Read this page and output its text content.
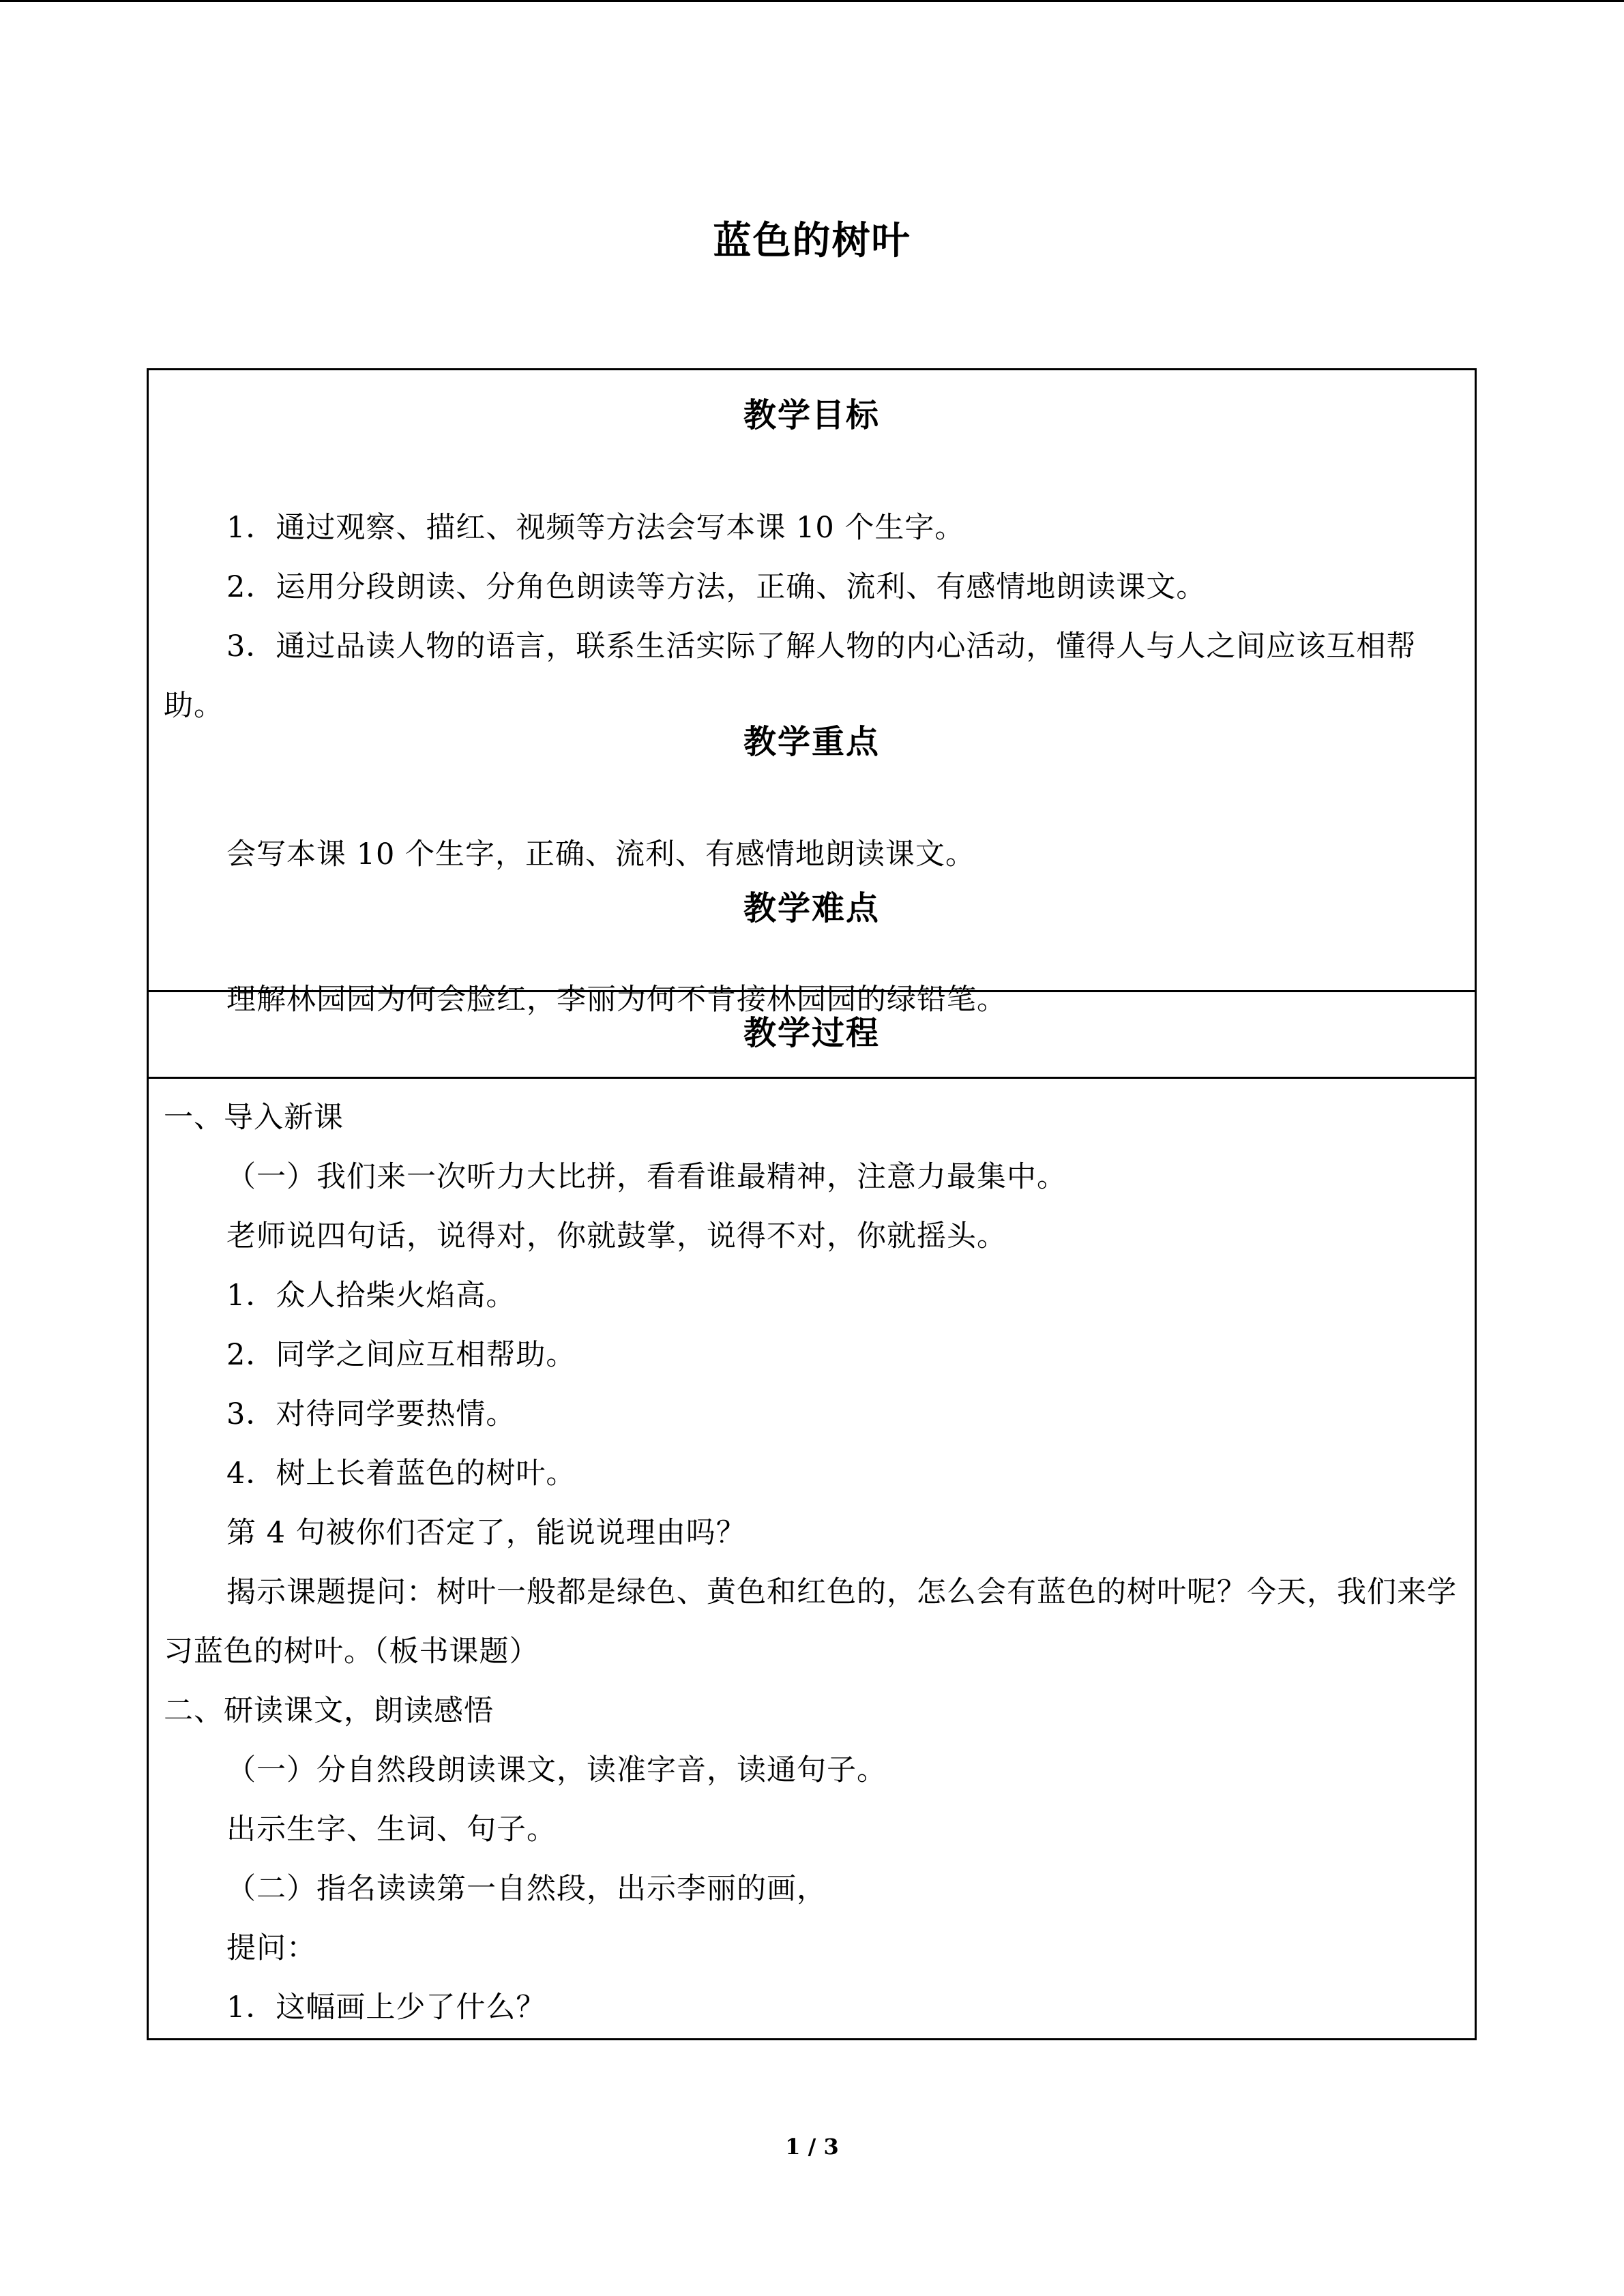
蓝色的树叶
教学目标
1．通过观察、描红、视频等方法会写本课 10 个生字。
2．运用分段朗读、分角色朗读等方法，正确、流利、有感情地朗读课文。
3．通过品读人物的语言，联系生活实际了解人物的内心活动，懂得人与人之间应该互相帮助。
教学重点
会写本课 10 个生字，正确、流利、有感情地朗读课文。
教学难点
理解林园园为何会脸红，李丽为何不肯接林园园的绿铅笔。
教学过程
一、导入新课
（一）我们来一次听力大比拼，看看谁最精神，注意力最集中。
老师说四句话，说得对，你就鼓掌，说得不对，你就摇头。
1．众人拾柴火焰高。
2．同学之间应互相帮助。
3．对待同学要热情。
4．树上长着蓝色的树叶。
第 4 句被你们否定了，能说说理由吗？
揭示课题提问：树叶一般都是绿色、黄色和红色的，怎么会有蓝色的树叶呢？今天，我们来学习蓝色的树叶。（板书课题）
二、研读课文，朗读感悟
（一）分自然段朗读课文，读准字音，读通句子。
出示生字、生词、句子。
（二）指名读读第一自然段，出示李丽的画，
提问：
1．这幅画上少了什么？
1 / 3
